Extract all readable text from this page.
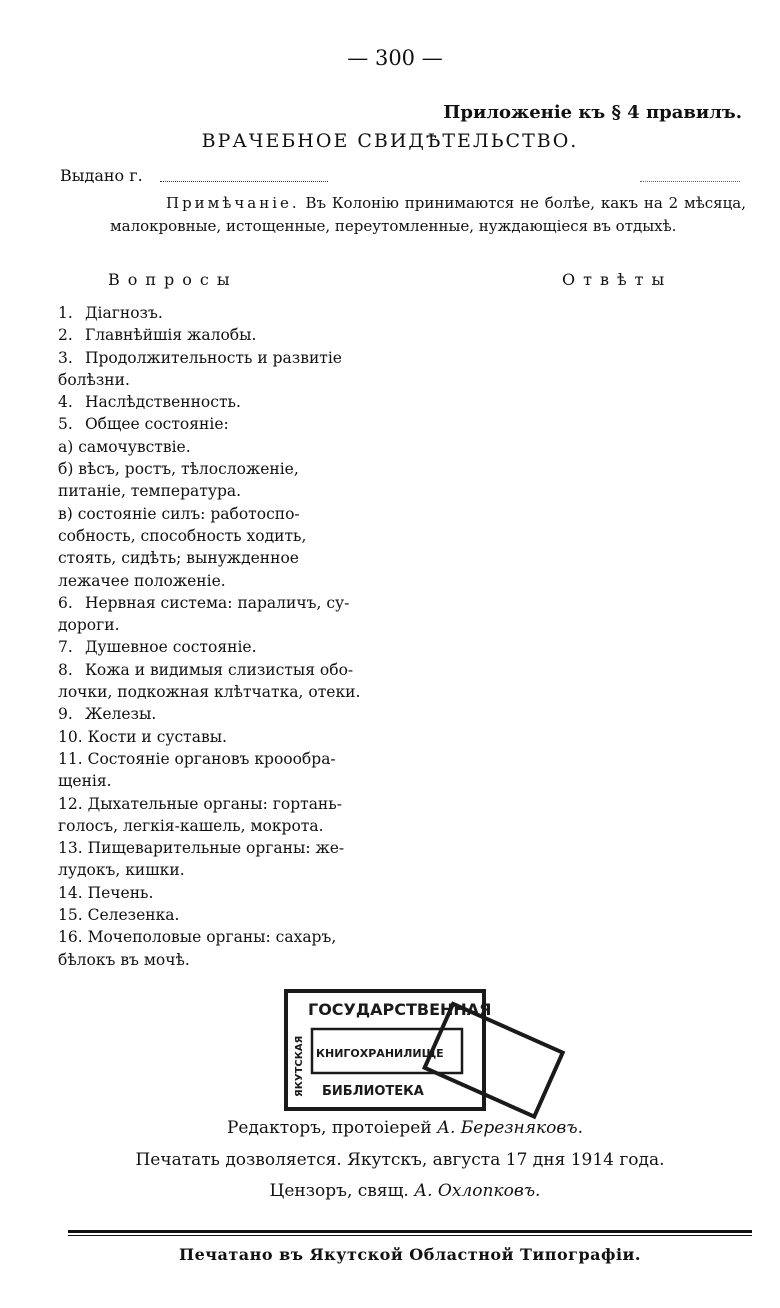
— 300 —
Приложеніе къ § 4 правилъ.
ВРАЧЕБНОЕ СВИДѢТЕЛЬСТВО.
Выдано г.
Примѣчаніе. Въ Колонію принимаются не болѣе, какъ на 2 мѣсяца, малокровные, истощенные, переутомленные, нуждающіеся въ отдыхѣ.
Вопросы	Отвѣты
1. Діагнозъ.
2. Главнѣйшія жалобы.
3. Продолжительность и развитіе
болѣзни.
4. Наслѣдственность.
5. Общее состояніе:
а) самочувствіе.
б) вѣсъ, ростъ, тѣлосложеніе,
питаніе, температура.
в) состояніе силъ: работоспо-
собность, способность ходить,
стоять, сидѣть; вынужденное
лежачее положеніе.
6. Нервная система: параличъ, су-
дороги.
7. Душевное состояніе.
8. Кожа и видимыя слизистыя обо-
лочки, подкожная клѣтчатка, отеки.
9. Железы.
10. Кости и суставы.
11. Состояніе органовъ кроообра-
щенія.
12. Дыхательные органы: гортань-
голосъ, легкія-кашель, мокрота.
13. Пищеварительные органы: же-
лудокъ, кишки.
14. Печень.
15. Селезенка.
16. Мочеполовые органы: сахаръ,
бѣлокъ въ мочѣ.
ГОСУДАРСТВЕННАЯ
КНИГОХРАНИЛИЩЕ
БИБЛИОТЕКА
ЯКУТСКАЯ
Редакторъ, протоіерей А. Березняковъ.
Печатать дозволяется. Якутскъ, августа 17 дня 1914 года.
Цензоръ, свящ. А. Охлопковъ.
Печатано въ Якутской Областной Типографіи.
